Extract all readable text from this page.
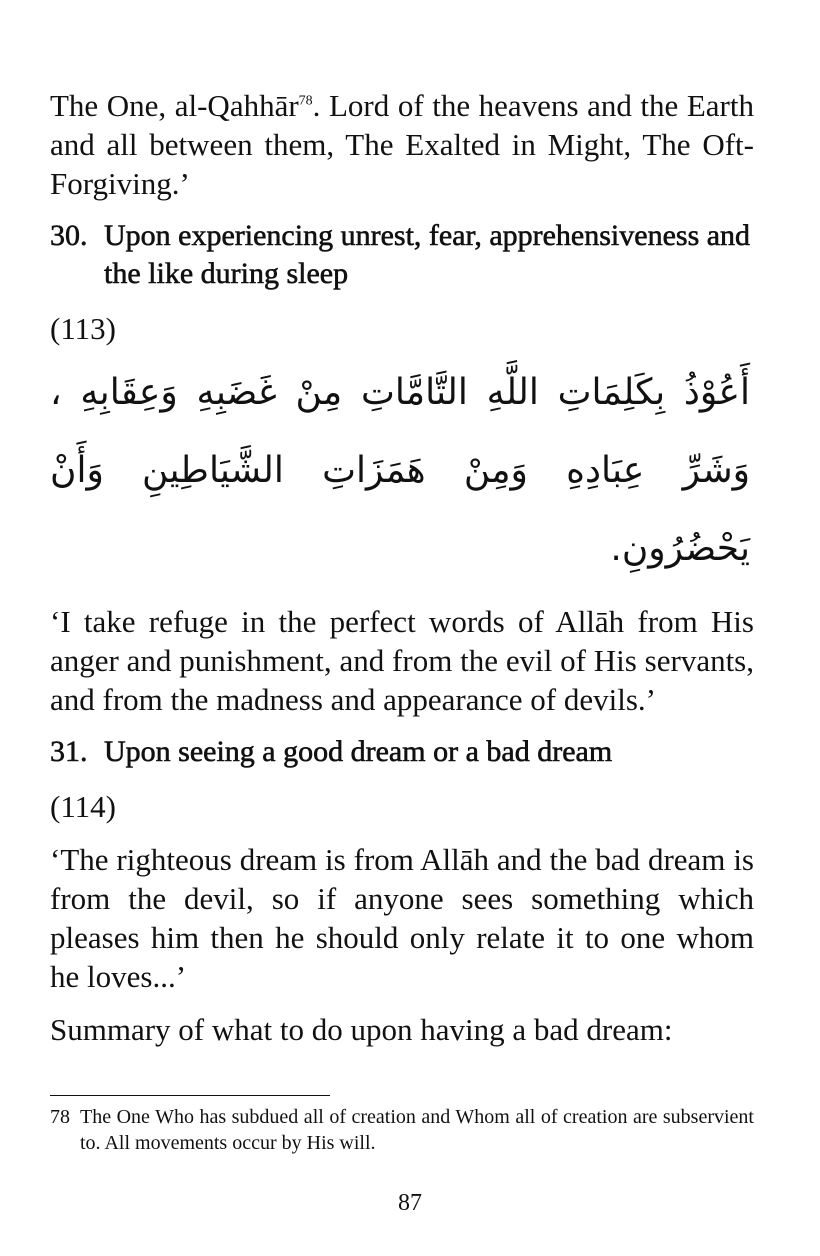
The One, al-Qahhār$^{78}$. Lord of the heavens and the Earth and all between them, The Exalted in Might, The Oft-Forgiving.’

30. Upon experiencing unrest, fear, apprehensiveness and the like during sleep

(113)

أَعُوْذُ بِكَلِمَاتِ اللَّهِ التَّامَّاتِ مِنْ غَضَبِهِ وَعِقَابِهِ ، وَشَرِّ عِبَادِهِ وَمِنْ هَمَزَاتِ الشَّيَاطِينِ وَأَنْ يَحْضُرُونِ.

‘I take refuge in the perfect words of Allāh from His anger and punishment, and from the evil of His servants, and from the madness and appearance of devils.’

31. Upon seeing a good dream or a bad dream

(114)

‘The righteous dream is from Allāh and the bad dream is from the devil, so if anyone sees something which pleases him then he should only relate it to one whom he loves...’

Summary of what to do upon having a bad dream:

78 The One Who has subdued all of creation and Whom all of creation are subservient to. All movements occur by His will.
87
